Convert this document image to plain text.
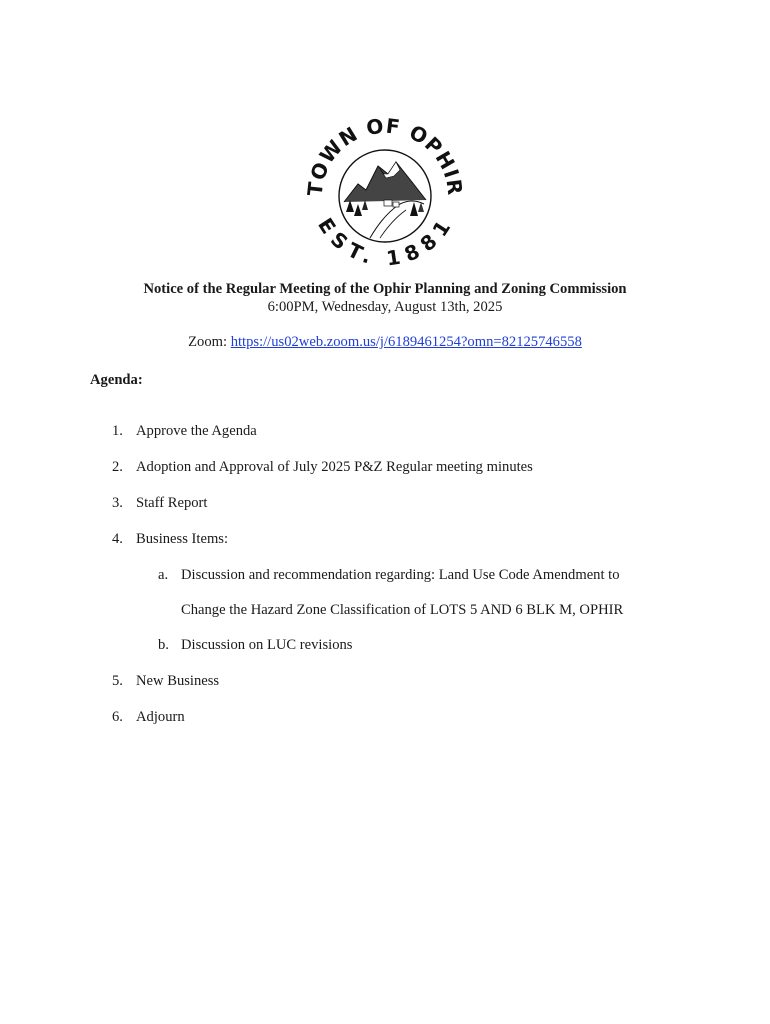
TOWN OF OPHIR
EST. 1881
Notice of the Regular Meeting of the Ophir Planning and Zoning Commission
6:00PM, Wednesday, August 13th, 2025
Zoom: https://us02web.zoom.us/j/6189461254?omn=82125746558
Agenda:
1. Approve the Agenda
2. Adoption and Approval of July 2025 P&Z Regular meeting minutes
3. Staff Report
4. Business Items:
a. Discussion and recommendation regarding: Land Use Code Amendment to
Change the Hazard Zone Classification of LOTS 5 AND 6 BLK M, OPHIR
b. Discussion on LUC revisions
5. New Business
6. Adjourn
